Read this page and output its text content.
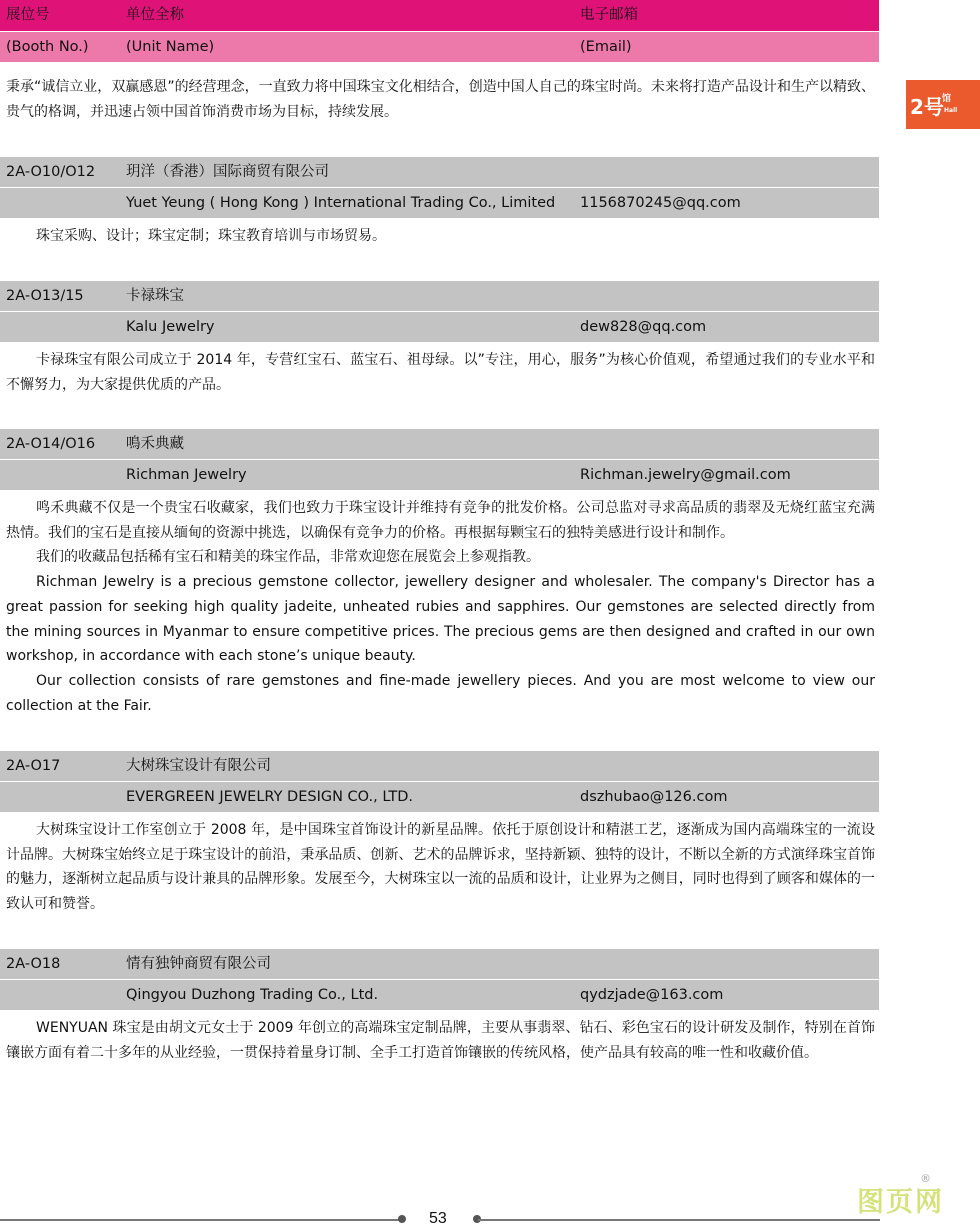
展位号	单位全称	电子邮箱
(Booth No.)	(Unit Name)	(Email)

秉承“诚信立业，双赢感恩”的经营理念，一直致力将中国珠宝文化相结合，创造中国人自己的珠宝时尚。未来将打造产品设计和生产以精致、贵气的格调，并迅速占领中国首饰消费市场为目标，持续发展。	2号
馆
Hall
2A-O10/O12 玥洋（香港）国际商贸有限公司
Yuet Yeung ( Hong Kong ) International Trading Co., Limited 1156870245@qq.com

珠宝采购、设计；珠宝定制；珠宝教育培训与市场贸易。

2A-O13/15	卡禄珠宝
Kalu Jewelry	dew828@qq.com

卡禄珠宝有限公司成立于 2014 年，专营红宝石、蓝宝石、祖母绿。以”专注，用心，服务”为核心价值观，希望通过我们的专业水平和不懈努力，为大家提供优质的产品。

2A-O14/O16 鳴禾典藏
Richman Jewelry	Richman.jewelry@gmail.com

鸣禾典藏不仅是一个贵宝石收藏家，我们也致力于珠宝设计并维持有竞争的批发价格。公司总监对寻求高品质的翡翠及无烧红蓝宝充满热情。我们的宝石是直接从缅甸的资源中挑选，以确保有竞争力的价格。再根据每颗宝石的独特美感进行设计和制作。

我们的收藏品包括稀有宝石和精美的珠宝作品，非常欢迎您在展览会上参观指教。

Richman Jewelry is a precious gemstone collector, jewellery designer and wholesaler. The company's Director has a great passion for seeking high quality jadeite, unheated rubies and sapphires. Our gemstones are selected directly from the mining sources in Myanmar to ensure competitive prices. The precious gems are then designed and crafted in our own workshop, in accordance with each stone’s unique beauty.

Our collection consists of rare gemstones and fine-made jewellery pieces. And you are most welcome to view our collection at the Fair.

2A-O17	大树珠宝设计有限公司
EVERGREEN JEWELRY DESIGN CO., LTD.	dszhubao@126.com

大树珠宝设计工作室创立于 2008 年，是中国珠宝首饰设计的新星品牌。依托于原创设计和精湛工艺，逐渐成为国内高端珠宝的一流设计品牌。大树珠宝始终立足于珠宝设计的前沿，秉承品质、创新、艺术的品牌诉求，坚持新颖、独特的设计，不断以全新的方式演绎珠宝首饰的魅力，逐渐树立起品质与设计兼具的品牌形象。发展至今，大树珠宝以一流的品质和设计，让业界为之侧目，同时也得到了顾客和媒体的一致认可和赞誉。

2A-O18	情有独钟商贸有限公司
Qingyou Duzhong Trading Co., Ltd.	qydzjade@163.com

WENYUAN 珠宝是由胡文元女士于 2009 年创立的高端珠宝定制品牌，主要从事翡翠、钻石、彩色宝石的设计研发及制作，特别在首饰镶嵌方面有着二十多年的从业经验，一贯保持着量身订制、全手工打造首饰镶嵌的传统风格，使产品具有较高的唯一性和收藏价值。

53
图页网
®
